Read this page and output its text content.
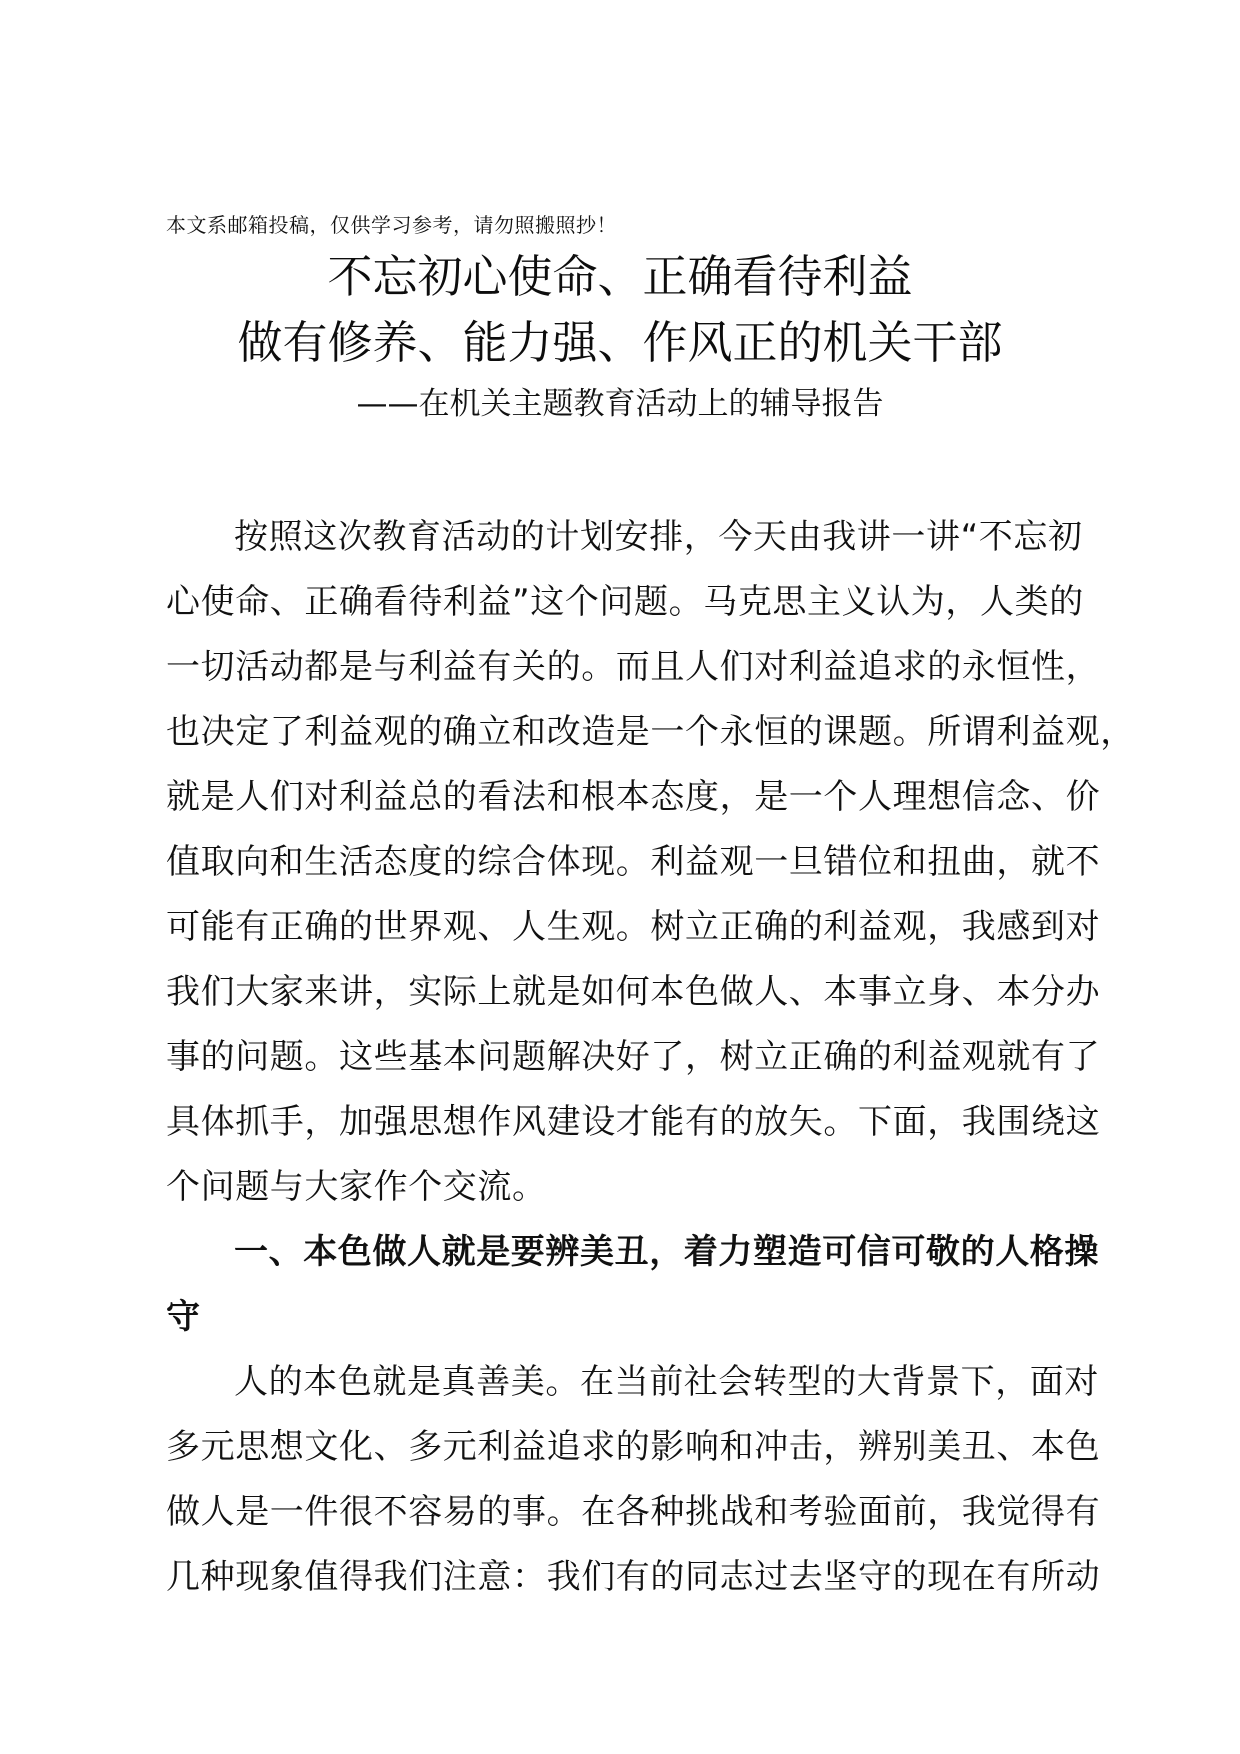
本文系邮箱投稿，仅供学习参考，请勿照搬照抄！
不忘初心使命、正确看待利益
做有修养、能力强、作风正的机关干部
——在机关主题教育活动上的辅导报告
按照这次教育活动的计划安排，今天由我讲一讲“不忘初
心使命、正确看待利益”这个问题。马克思主义认为，人类的
一切活动都是与利益有关的。而且人们对利益追求的永恒性，
也决定了利益观的确立和改造是一个永恒的课题。所谓利益观，
就是人们对利益总的看法和根本态度，是一个人理想信念、价
值取向和生活态度的综合体现。利益观一旦错位和扭曲，就不
可能有正确的世界观、人生观。树立正确的利益观，我感到对
我们大家来讲，实际上就是如何本色做人、本事立身、本分办
事的问题。这些基本问题解决好了，树立正确的利益观就有了
具体抓手，加强思想作风建设才能有的放矢。下面，我围绕这
个问题与大家作个交流。
一、本色做人就是要辨美丑，着力塑造可信可敬的人格操
守
人的本色就是真善美。在当前社会转型的大背景下，面对
多元思想文化、多元利益追求的影响和冲击，辨别美丑、本色
做人是一件很不容易的事。在各种挑战和考验面前，我觉得有
几种现象值得我们注意：我们有的同志过去坚守的现在有所动
